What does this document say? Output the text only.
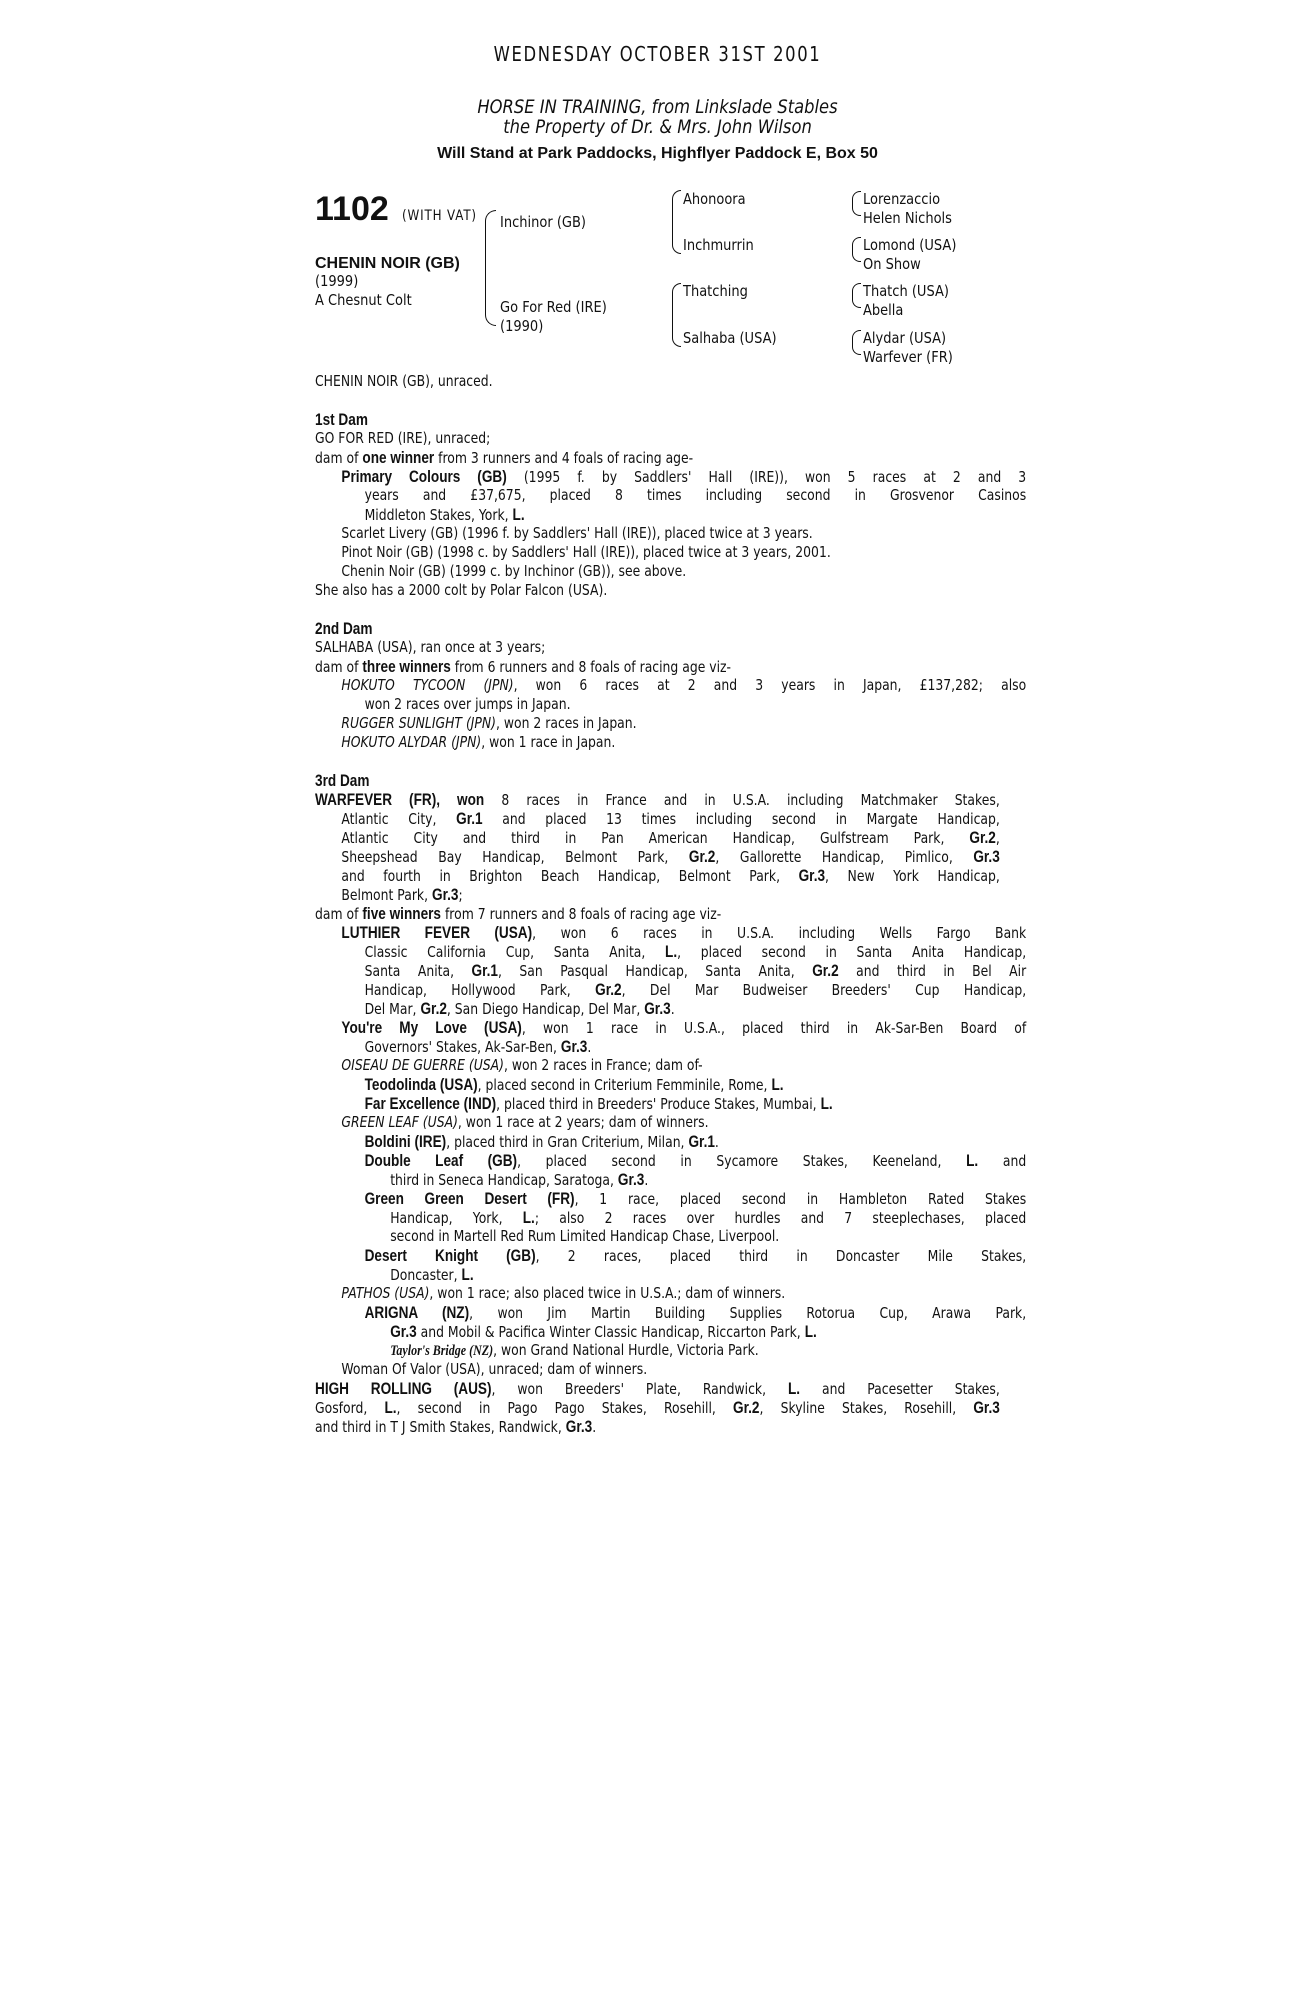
WEDNESDAY OCTOBER 31ST 2001
HORSE IN TRAINING, from Linkslade Stables
the Property of Dr. & Mrs. John Wilson
Will Stand at Park Paddocks, Highflyer Paddock E, Box 50
1102 (WITH VAT)
CHENIN NOIR (GB)
(1999)
A Chesnut Colt
Inchinor (GB)
Go For Red (IRE)
(1990)
Ahonoora
Inchmurrin
Thatching
Salhaba (USA)
Lorenzaccio
Helen Nichols
Lomond (USA)
On Show
Thatch (USA)
Abella
Alydar (USA)
Warfever (FR)
CHENIN NOIR (GB), unraced.
1st Dam
GO FOR RED (IRE), unraced;
dam of one winner from 3 runners and 4 foals of racing age-
Primary Colours (GB) (1995 f. by Saddlers' Hall (IRE)), won 5 races at 2 and 3
years and £37,675, placed 8 times including second in Grosvenor Casinos
Middleton Stakes, York, L.
Scarlet Livery (GB) (1996 f. by Saddlers' Hall (IRE)), placed twice at 3 years.
Pinot Noir (GB) (1998 c. by Saddlers' Hall (IRE)), placed twice at 3 years, 2001.
Chenin Noir (GB) (1999 c. by Inchinor (GB)), see above.
She also has a 2000 colt by Polar Falcon (USA).
2nd Dam
SALHABA (USA), ran once at 3 years;
dam of three winners from 6 runners and 8 foals of racing age viz-
HOKUTO TYCOON (JPN), won 6 races at 2 and 3 years in Japan, £137,282; also
won 2 races over jumps in Japan.
RUGGER SUNLIGHT (JPN), won 2 races in Japan.
HOKUTO ALYDAR (JPN), won 1 race in Japan.
3rd Dam
WARFEVER (FR), won 8 races in France and in U.S.A. including Matchmaker Stakes,
Atlantic City, Gr.1 and placed 13 times including second in Margate Handicap,
Atlantic City and third in Pan American Handicap, Gulfstream Park, Gr.2,
Sheepshead Bay Handicap, Belmont Park, Gr.2, Gallorette Handicap, Pimlico, Gr.3
and fourth in Brighton Beach Handicap, Belmont Park, Gr.3, New York Handicap,
Belmont Park, Gr.3;
dam of five winners from 7 runners and 8 foals of racing age viz-
LUTHIER FEVER (USA), won 6 races in U.S.A. including Wells Fargo Bank
Classic California Cup, Santa Anita, L., placed second in Santa Anita Handicap,
Santa Anita, Gr.1, San Pasqual Handicap, Santa Anita, Gr.2 and third in Bel Air
Handicap, Hollywood Park, Gr.2, Del Mar Budweiser Breeders' Cup Handicap,
Del Mar, Gr.2, San Diego Handicap, Del Mar, Gr.3.
You're My Love (USA), won 1 race in U.S.A., placed third in Ak-Sar-Ben Board of
Governors' Stakes, Ak-Sar-Ben, Gr.3.
OISEAU DE GUERRE (USA), won 2 races in France; dam of-
Teodolinda (USA), placed second in Criterium Femminile, Rome, L.
Far Excellence (IND), placed third in Breeders' Produce Stakes, Mumbai, L.
GREEN LEAF (USA), won 1 race at 2 years; dam of winners.
Boldini (IRE), placed third in Gran Criterium, Milan, Gr.1.
Double Leaf (GB), placed second in Sycamore Stakes, Keeneland, L. and
third in Seneca Handicap, Saratoga, Gr.3.
Green Green Desert (FR), 1 race, placed second in Hambleton Rated Stakes
Handicap, York, L.; also 2 races over hurdles and 7 steeplechases, placed
second in Martell Red Rum Limited Handicap Chase, Liverpool.
Desert Knight (GB), 2 races, placed third in Doncaster Mile Stakes,
Doncaster, L.
PATHOS (USA), won 1 race; also placed twice in U.S.A.; dam of winners.
ARIGNA (NZ), won Jim Martin Building Supplies Rotorua Cup, Arawa Park,
Gr.3 and Mobil & Pacifica Winter Classic Handicap, Riccarton Park, L.
Taylor's Bridge (NZ), won Grand National Hurdle, Victoria Park.
Woman Of Valor (USA), unraced; dam of winners.
HIGH ROLLING (AUS), won Breeders' Plate, Randwick, L. and Pacesetter Stakes,
Gosford, L., second in Pago Pago Stakes, Rosehill, Gr.2, Skyline Stakes, Rosehill, Gr.3
and third in T J Smith Stakes, Randwick, Gr.3.
